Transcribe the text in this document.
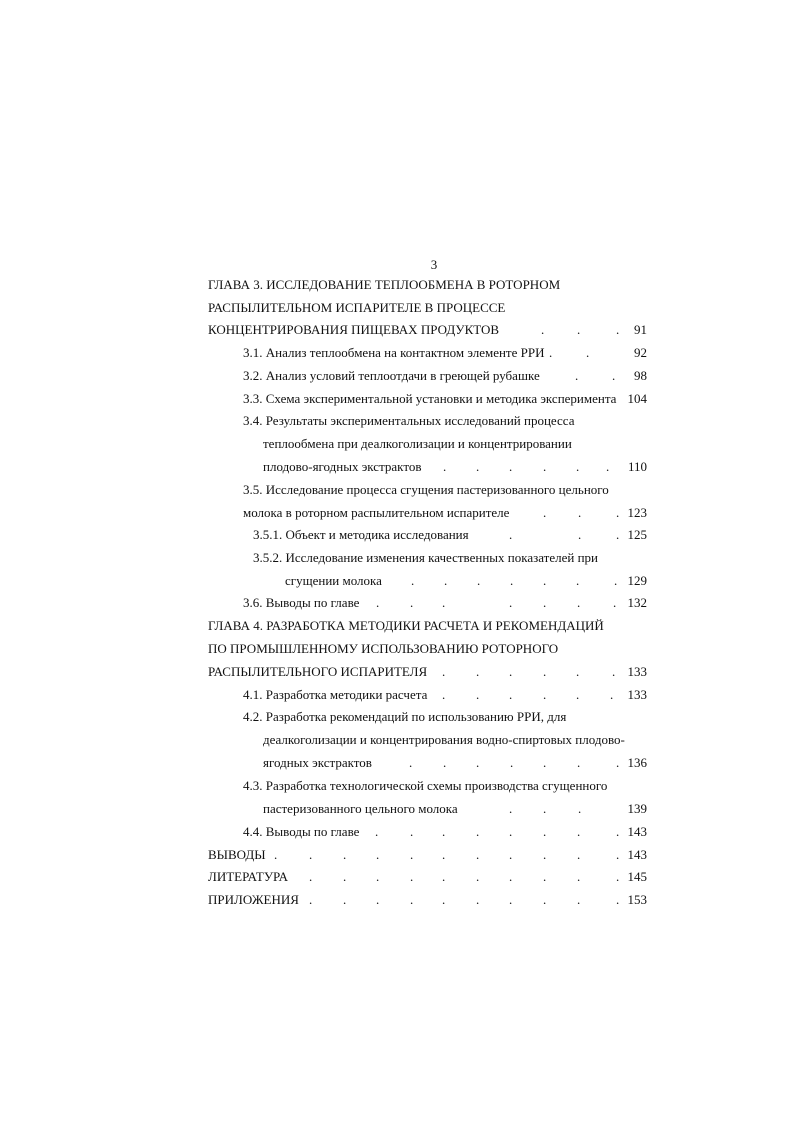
3
ГЛАВА 3. ИССЛЕДОВАНИЕ ТЕПЛООБМЕНА В РОТОРНОМ
РАСПЫЛИТЕЛЬНОМ ИСПАРИТЕЛЕ В ПРОЦЕССЕ
КОНЦЕНТРИРОВАНИЯ ПИЩЕВАХ ПРОДУКТОВ	.	.	. 91
3.1. Анализ теплообмена на контактном элементе РРИ .	.	92
3.2. Анализ условий теплоотдачи в греющей рубашке	.	. 98
3.3. Схема экспериментальной установки и методика эксперимента 104
3.4. Результаты экспериментальных исследований процесса
теплообмена при деалкоголизации и концентрировании
плодово-ягодных экстрактов . . . . . . 110
3.5. Исследование процесса сгущения пастеризованного цельного
молока в роторном распылительном испарителе	. .	. 123
3.5.1. Объект и методика исследования	.	.	. 125
3.5.2. Исследование изменения качественных показателей при
сгущении молока . . . . . .	. 129
3.6. Выводы по главе . . .	. . .	. 132
ГЛАВА 4. РАЗРАБОТКА МЕТОДИКИ РАСЧЕТА И РЕКОМЕНДАЦИЙ
ПО ПРОМЫШЛЕННОМУ ИСПОЛЬЗОВАНИЮ РОТОРНОГО
РАСПЫЛИТЕЛЬНОГО ИСПАРИТЕЛЯ . . . . .	. 133
4.1. Разработка методики расчета . . . . . . 133
4.2. Разработка рекомендаций по использованию РРИ, для
деалкоголизации и концентрирования водно-спиртовых плодово-
ягодных экстрактов	. . . . . .	. 136
4.3. Разработка технологической схемы производства сгущенного
пастеризованного цельного молока	. . .	139
4.4. Выводы по главе . . . . . . .	. 143
ВЫВОДЫ . . . . . . . . . .	. 143
ЛИТЕРАТУРА . . . . . . . . .	. 145
ПРИЛОЖЕНИЯ . . . . . . . . .	. 153
